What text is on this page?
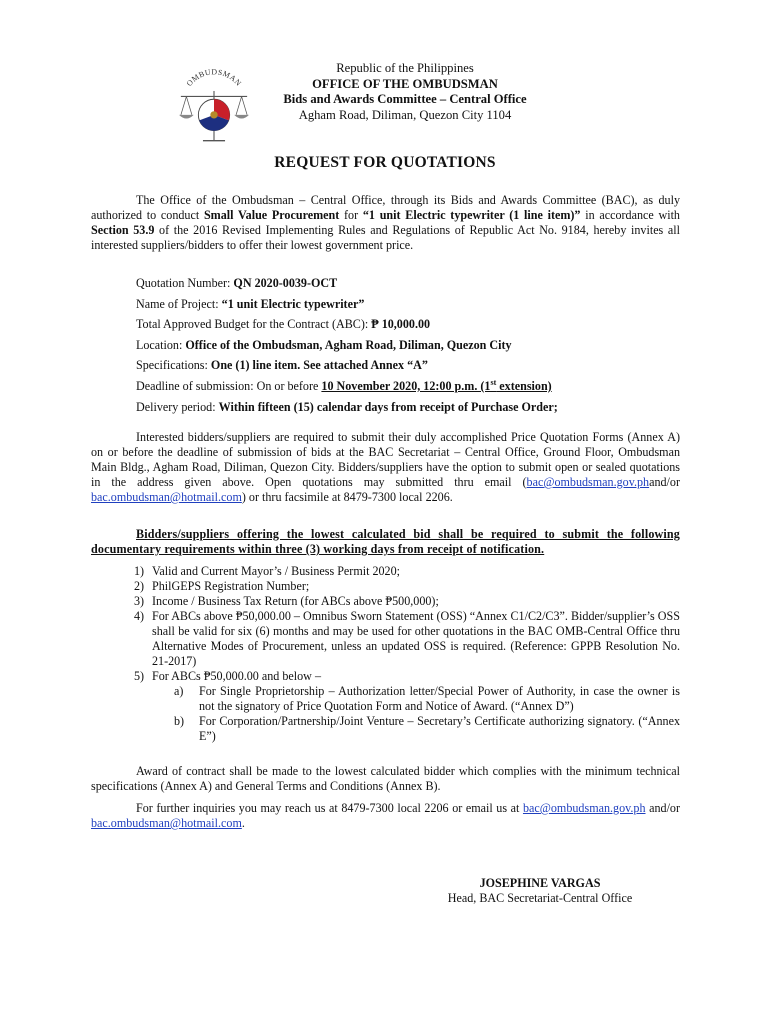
OMBUDSMAN
Republic of the Philippines
OFFICE OF THE OMBUDSMAN
Bids and Awards Committee – Central Office
Agham Road, Diliman, Quezon City 1104
REQUEST FOR QUOTATIONS

The Office of the Ombudsman – Central Office, through its Bids and Awards Committee (BAC), as duly authorized to conduct Small Value Procurement for “1 unit Electric typewriter (1 line item)” in accordance with Section 53.9 of the 2016 Revised Implementing Rules and Regulations of Republic Act No. 9184, hereby invites all interested suppliers/bidders to offer their lowest government price.

Quotation Number: QN 2020-0039-OCT
Name of Project: “1 unit Electric typewriter”
Total Approved Budget for the Contract (ABC): ₱ 10,000.00
Location: Office of the Ombudsman, Agham Road, Diliman, Quezon City
Specifications: One (1) line item. See attached Annex “A”
Deadline of submission: On or before 10 November 2020, 12:00 p.m. (1st extension)
Delivery period: Within fifteen (15) calendar days from receipt of Purchase Order;

Interested bidders/suppliers are required to submit their duly accomplished Price Quotation Forms (Annex A) on or before the deadline of submission of bids at the BAC Secretariat – Central Office, Ground Floor, Ombudsman Main Bldg., Agham Road, Diliman, Quezon City. Bidders/suppliers have the option to submit open or sealed quotations in the address given above. Open quotations may submitted thru email (bac@ombudsman.gov.phand/or bac.ombudsman@hotmail.com) or thru facsimile at 8479-7300 local 2206.

Bidders/suppliers offering the lowest calculated bid shall be required to submit the following documentary requirements within three (3) working days from receipt of notification.
1) Valid and Current Mayor’s / Business Permit 2020;
2) PhilGEPS Registration Number;
3) Income / Business Tax Return (for ABCs above ₱500,000);
4) For ABCs above ₱50,000.00 – Omnibus Sworn Statement (OSS) “Annex C1/C2/C3”. Bidder/supplier’s OSS shall be valid for six (6) months and may be used for other quotations in the BAC OMB-Central Office thru Alternative Modes of Procurement, unless an updated OSS is required. (Reference: GPPB Resolution No. 21-2017)
5) For ABCs ₱50,000.00 and below –
a) For Single Proprietorship – Authorization letter/Special Power of Authority, in case the owner is not the signatory of Price Quotation Form and Notice of Award. (“Annex D”)
b) For Corporation/Partnership/Joint Venture – Secretary’s Certificate authorizing signatory. (“Annex E”)

Award of contract shall be made to the lowest calculated bidder which complies with the minimum technical specifications (Annex A) and General Terms and Conditions (Annex B).

For further inquiries you may reach us at 8479-7300 local 2206 or email us at bac@ombudsman.gov.ph and/or bac.ombudsman@hotmail.com.

JOSEPHINE VARGAS
Head, BAC Secretariat-Central Office
